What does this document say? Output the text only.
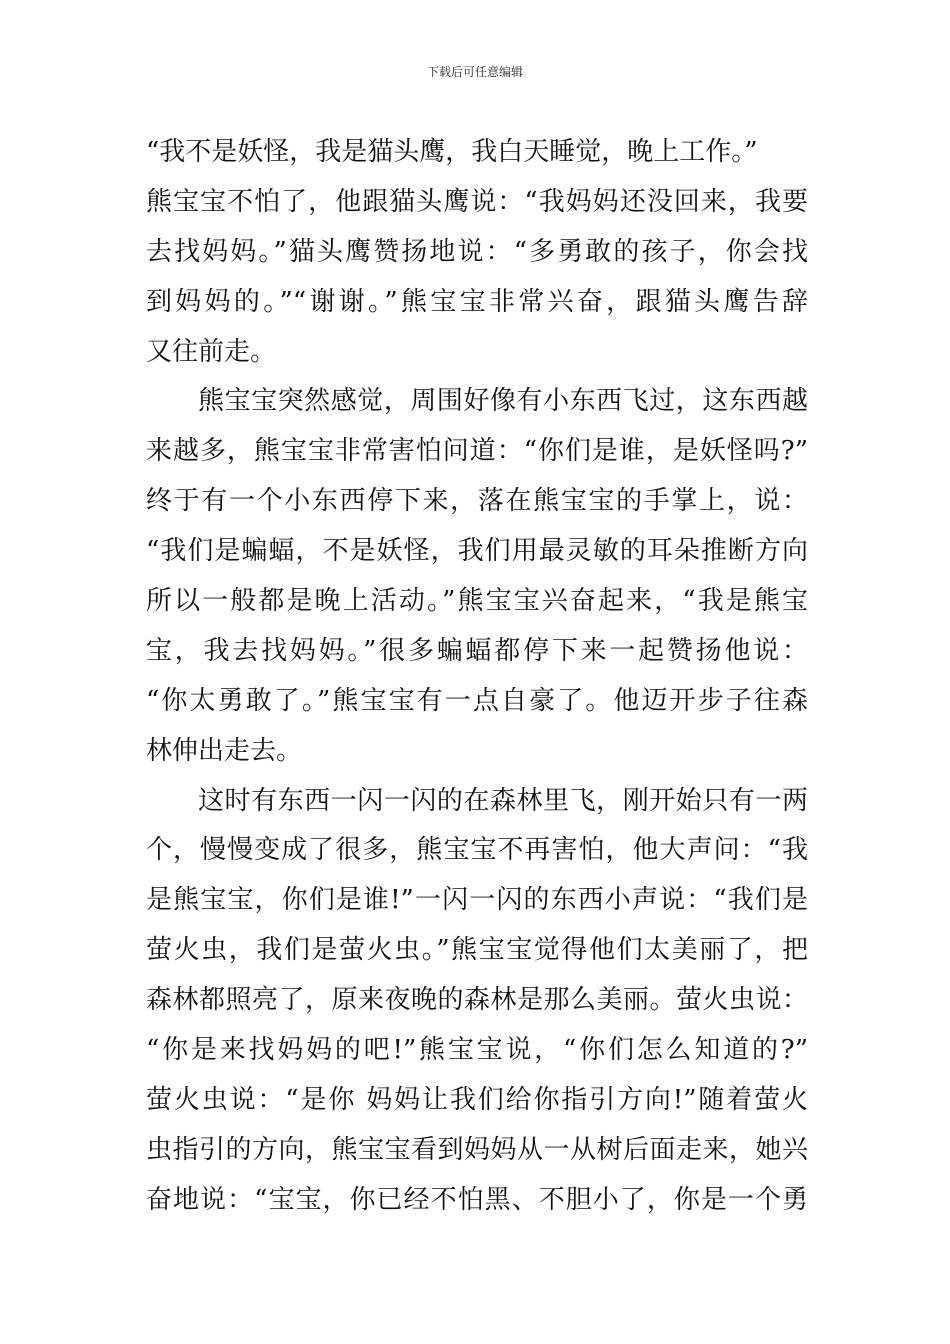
下载后可任意编辑
“我不是妖怪，我是猫头鹰，我白天睡觉，晚上工作。”
熊宝宝不怕了，他跟猫头鹰说：“我妈妈还没回来，我要
去找妈妈。”猫头鹰赞扬地说：“多勇敢的孩子，你会找
到妈妈的。”“谢谢。”熊宝宝非常兴奋，跟猫头鹰告辞
又往前走。
熊宝宝突然感觉，周围好像有小东西飞过，这东西越
来越多，熊宝宝非常害怕问道：“你们是谁，是妖怪吗?”
终于有一个小东西停下来，落在熊宝宝的手掌上，说：
“我们是蝙蝠，不是妖怪，我们用最灵敏的耳朵推断方向
所以一般都是晚上活动。”熊宝宝兴奋起来，“我是熊宝
宝，我去找妈妈。”很多蝙蝠都停下来一起赞扬他说：
“你太勇敢了。”熊宝宝有一点自豪了。他迈开步子往森
林伸出走去。
这时有东西一闪一闪的在森林里飞，刚开始只有一两
个，慢慢变成了很多，熊宝宝不再害怕，他大声问：“我
是熊宝宝，你们是谁!”一闪一闪的东西小声说：“我们是
萤火虫，我们是萤火虫。”熊宝宝觉得他们太美丽了，把
森林都照亮了，原来夜晚的森林是那么美丽。萤火虫说：
“你是来找妈妈的吧!”熊宝宝说，“你们怎么知道的?”
萤火虫说：“是你 妈妈让我们给你指引方向!”随着萤火
虫指引的方向，熊宝宝看到妈妈从一从树后面走来，她兴
奋地说：“宝宝，你已经不怕黑、不胆小了，你是一个勇
